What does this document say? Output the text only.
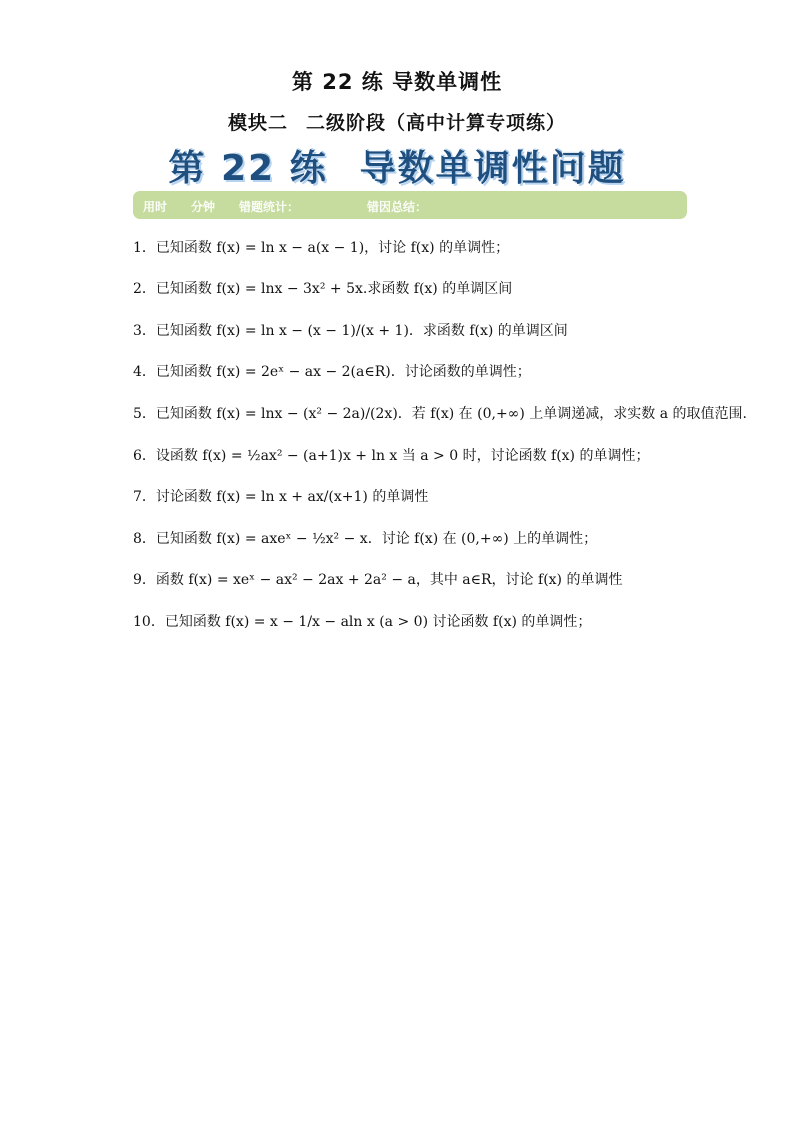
第 22 练 导数单调性
模块二 二级阶段（高中计算专项练）
第 22 练 导数单调性问题
用时 分钟 错题统计：	错因总结：
1．已知函数 f(x) = ln x − a(x − 1)，讨论 f(x) 的单调性；
2．已知函数 f(x) = lnx − 3x² + 5x.求函数 f(x) 的单调区间
3．已知函数 f(x) = ln x − (x − 1)/(x + 1)．求函数 f(x) 的单调区间
4．已知函数 f(x) = 2eˣ − ax − 2(a∈R)．讨论函数的单调性；
5．已知函数 f(x) = lnx − (x² − 2a)/(2x)．若 f(x) 在 (0,+∞) 上单调递减，求实数 a 的取值范围.
6．设函数 f(x) = ½ax² − (a+1)x + ln x 当 a > 0 时，讨论函数 f(x) 的单调性；
7．讨论函数 f(x) = ln x + ax/(x+1) 的单调性
8．已知函数 f(x) = axeˣ − ½x² − x．讨论 f(x) 在 (0,+∞) 上的单调性；
9．函数 f(x) = xeˣ − ax² − 2ax + 2a² − a，其中 a∈R，讨论 f(x) 的单调性
10．已知函数 f(x) = x − 1/x − aln x (a > 0) 讨论函数 f(x) 的单调性；
